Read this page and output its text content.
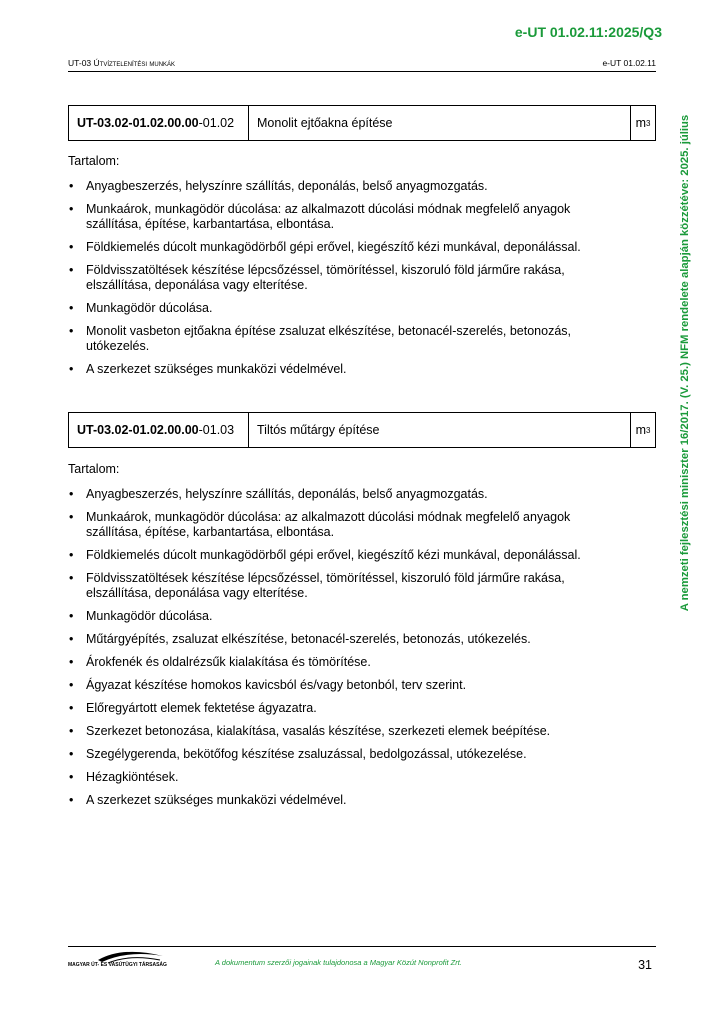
e-UT 01.02.11:2025/Q3
UT-03 Útvíztelenítési munkák	e-UT 01.02.11
A nemzeti fejlesztési miniszter 16/2017. (V. 25.) NFM rendelete alapján közzétéve: 2025. július
UT-03.02-01.02.00.00 -01.02	Monolit ejtőakna építése	m 3
Tartalom:
• Anyagbeszerzés, helyszínre szállítás, deponálás, belső anyagmozgatás.
• Munkaárok, munkagödör dúcolása: az alkalmazott dúcolási módnak megfelelő anyagok szállítása, építése, karbantartása, elbontása.
• Földkiemelés dúcolt munkagödörből gépi erővel, kiegészítő kézi munkával, deponálással.
• Földvisszatöltések készítése lépcsőzéssel, tömörítéssel, kiszoruló föld járműre rakása, elszállítása, deponálása vagy elterítése.
• Munkagödör dúcolása.
• Monolit vasbeton ejtőakna építése zsaluzat elkészítése, betonacél-szerelés, betonozás, utókezelés.
• A szerkezet szükséges munkaközi védelmével.
UT-03.02-01.02.00.00 -01.03	Tiltós műtárgy építése	m 3
Tartalom:
• Anyagbeszerzés, helyszínre szállítás, deponálás, belső anyagmozgatás.
• Munkaárok, munkagödör dúcolása: az alkalmazott dúcolási módnak megfelelő anyagok szállítása, építése, karbantartása, elbontása.
• Földkiemelés dúcolt munkagödörből gépi erővel, kiegészítő kézi munkával, deponálással.
• Földvisszatöltések készítése lépcsőzéssel, tömörítéssel, kiszoruló föld járműre rakása, elszállítása, deponálása vagy elterítése.
• Munkagödör dúcolása.
• Műtárgyépítés, zsaluzat elkészítése, betonacél-szerelés, betonozás, utókezelés.
• Árokfenék és oldalrézsűk kialakítása és tömörítése.
• Ágyazat készítése homokos kavicsból és/vagy betonból, terv szerint.
• Előregyártott elemek fektetése ágyazatra.
• Szerkezet betonozása, kialakítása, vasalás készítése, szerkezeti elemek beépítése.
• Szegélygerenda, bekötőfog készítése zsaluzással, bedolgozással, utókezelése.
• Hézagkiöntések.
• A szerkezet szükséges munkaközi védelmével.
MAGYAR ÚT- ÉS VASÚTÜGYI TÁRSASÁG	A dokumentum szerzői jogainak tulajdonosa a Magyar Közút Nonprofit Zrt.	31
